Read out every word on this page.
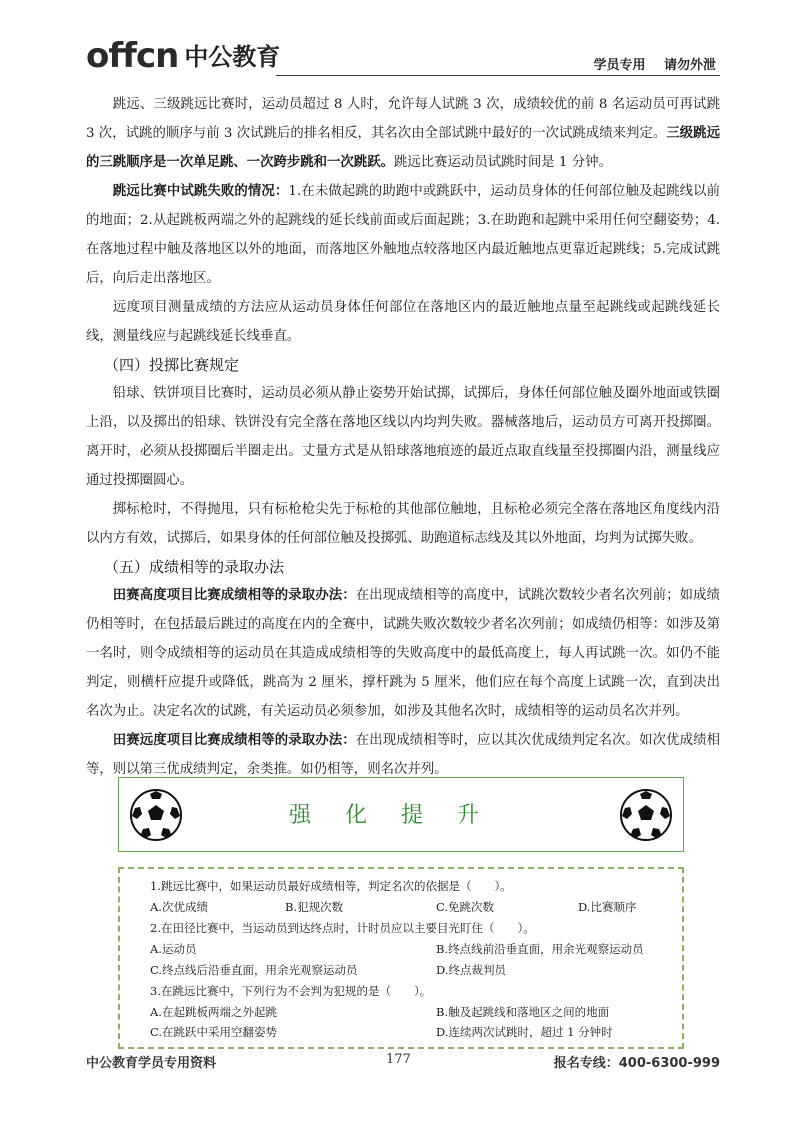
offcn 中公教育	学员专用 请勿外泄

跳远、三级跳远比赛时，运动员超过 8 人时，允许每人试跳 3 次，成绩较优的前 8 名运动员可再试跳 3 次，试跳的顺序与前 3 次试跳后的排名相反，其名次由全部试跳中最好的一次试跳成绩来判定。三级跳远的三跳顺序是一次单足跳、一次跨步跳和一次跳跃。跳远比赛运动员试跳时间是 1 分钟。

跳远比赛中试跳失败的情况：1.在未做起跳的助跑中或跳跃中，运动员身体的任何部位触及起跳线以前的地面；2.从起跳板两端之外的起跳线的延长线前面或后面起跳；3.在助跑和起跳中采用任何空翻姿势；4.在落地过程中触及落地区以外的地面，而落地区外触地点较落地区内最近触地点更靠近起跳线；5.完成试跳后，向后走出落地区。

远度项目测量成绩的方法应从运动员身体任何部位在落地区内的最近触地点量至起跳线或起跳线延长线，测量线应与起跳线延长线垂直。

（四）投掷比赛规定

铅球、铁饼项目比赛时，运动员必须从静止姿势开始试掷，试掷后，身体任何部位触及圈外地面或铁圈上沿，以及掷出的铅球、铁饼没有完全落在落地区线以内均判失败。器械落地后，运动员方可离开投掷圈。离开时，必须从投掷圈后半圈走出。丈量方式是从铅球落地痕迹的最近点取直线量至投掷圈内沿，测量线应通过投掷圈圆心。

掷标枪时，不得抛甩，只有标枪枪尖先于标枪的其他部位触地，且标枪必须完全落在落地区角度线内沿以内方有效，试掷后，如果身体的任何部位触及投掷弧、助跑道标志线及其以外地面，均判为试掷失败。

（五）成绩相等的录取办法

田赛高度项目比赛成绩相等的录取办法：在出现成绩相等的高度中，试跳次数较少者名次列前；如成绩仍相等时，在包括最后跳过的高度在内的全赛中，试跳失败次数较少者名次列前；如成绩仍相等：如涉及第一名时，则令成绩相等的运动员在其造成成绩相等的失败高度中的最低高度上，每人再试跳一次。如仍不能判定，则横杆应提升或降低，跳高为 2 厘米，撑杆跳为 5 厘米，他们应在每个高度上试跳一次，直到决出名次为止。决定名次的试跳，有关运动员必须参加，如涉及其他名次时，成绩相等的运动员名次并列。

田赛远度项目比赛成绩相等的录取办法：在出现成绩相等时，应以其次优成绩判定名次。如次优成绩相等，则以第三优成绩判定，余类推。如仍相等，则名次并列。

强化提升
1.跳远比赛中，如果运动员最好成绩相等，判定名次的依据是（　　）。
A.次优成绩	B.犯规次数	C.免跳次数	D.比赛顺序
2.在田径比赛中，当运动员到达终点时，计时员应以主要目光盯住（　　）。
A.运动员	B.终点线前沿垂直面，用余光观察运动员
C.终点线后沿垂直面，用余光观察运动员	D.终点裁判员
3.在跳远比赛中，下列行为不会判为犯规的是（　　）。
A.在起跳板两端之外起跳	B.触及起跳线和落地区之间的地面
C.在跳跃中采用空翻姿势	D.连续两次试跳时，超过 1 分钟时
中公教育学员专用资料	177	报名专线：400-6300-999
